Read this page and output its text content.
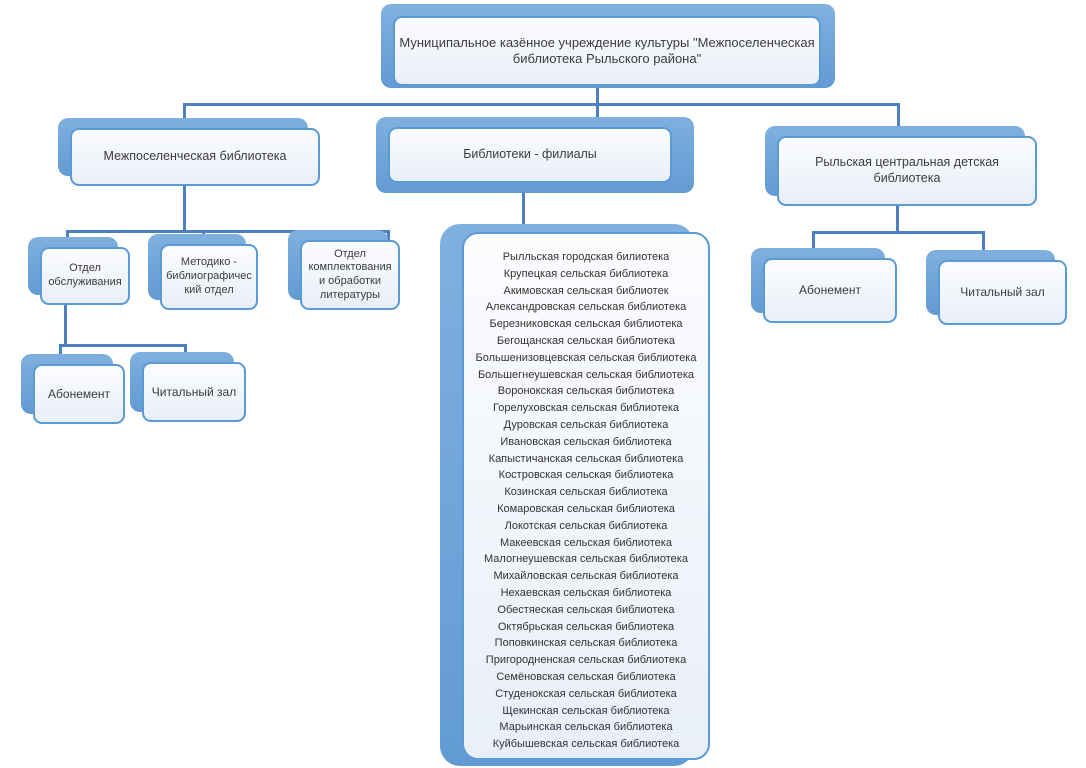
Муниципальное казённое учреждение культуры "Межпоселенческая библиотека Рыльского района"
Межпоселенческая библиотека	Библиотеки - филиалы
Рыльская центральная детская библиотека
Отдел обслуживания
Методико - библиографичес кий отдел
Отдел комплектования и обработки литературы
Абонемент	Читальный зал
Абонемент	Читальный зал
Рылльская городская билиотека
Крупецкая сельская библиотека
Акимовская сельская библиотек
Александровская сельская библиотека
Березниковская сельская библиотека
Бегощанская сельская библиотека
Большенизовцевская сельская библиотека
Большегнеушевская сельская библиотека
Воронокская сельская библиотека
Горелуховская сельская библиотека
Дуровская сельская библиотека
Ивановская сельская библиотека
Капыстичанская сельская библиотека
Костровская сельская библиотека
Козинская сельская библиотека
Комаровская сельская библиотека
Локотская сельская библиотека
Макеевская сельская библиотека
Малогнеушевская сельская библиотека
Михайловская сельская библиотека
Нехаевская сельская библиотека
Обестяеская сельская библиотека
Октябрьская сельская библиотека
Поповкинская сельская библиотека
Пригородненская сельская библиотека
Семёновская сельская библиотека
Студенокская сельская библиотека
Щекинская сельская библиотека
Марьинская сельская библиотека
Куйбышевская сельская библиотека
